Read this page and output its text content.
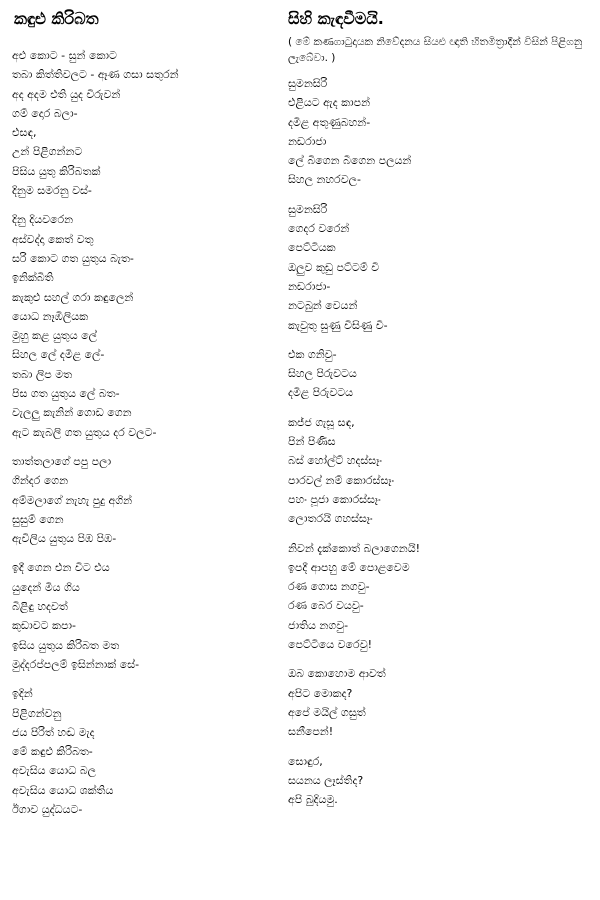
කඳුළු කිරිබත
අළු කොට - සුන් කොට
තබා කිත්තිවලට - ඈණ ගසා සතුරන්
අද අදම එති යුද විරුවන්
ගම් දොර බලා-
එසඳ,
උන් පිළිගන්නට
පිසිය යුතු කිරිබතක්
දිනුම සමරනු වස්-
දිනු දියවරෙන
අස්වද්දා කෙත් වතු
සරි කොට ගත යුතුය බැත-
ඉනික්බිති
කැකුළු සහල් ගරා කඳුලෙන්
යොධ නෑඹිලියක
මුහු කළ යුතුය ලේ
සිහල ලේ දමිළ ලේ-
තබා ලිප මත
පිස ගත යුතුය ලේ බත-
වැලලු කැනින් ගොඩ ගෙන
ඇට කැබලි ගත යුතුය දර වලට-
තාත්තලාගේ පපු පලා
ගින්දර ගෙන
අම්මලාගේ නැහැ පුදු අගින්
සුසුම් ගෙන
ඇවිලිය යුතුය පිඹ පිඹ-
ඉදී ගෙන එන විට එය
යුදෙන් මිය ගිය
බිළිඳු හදවත්
කුඩාවට කපා-
ඉසිය යුතුය කිරිබත මත
මුද්දරප්පලම් ඉසින්නාක් සේ-
ඉදින්
පිළිගන්වනු
ජය පිරිත් හඬ මැද
මේ කඳුළු කිරිබත-
අවැසිය යොධ බල
අවැසිය යොධ ශක්තිය
ඊගාව යුද්ධයට-
සිහි කැඳවීමයි.
( මේ කණගාටුදායක නිවේදනය සියළු ඥාති හිතමිත්‍රාදීන් විසින් පිළිගනු ලැබේවා. )
සුමනසිරි
එළියට ඇද කාපන්
දමිළ අතුණුබහන්-
නඩරාජා
ලේ බීගෙන බීගෙන පලයන්
සිහල නහරවල-
සුමනසිරි
ගෙදර වරෙන්
පෙට්ටියක
ඔලුව කුඩු පට්ටම් වී
නඩරාජා-
නටබුන් වෙයන්
කැවුතු සුණු විසිණු වී-
එක ගනිවු-
සිහල පිරුවටය
දමිළ පිරුවටය
කජ්ජ ගැසූ සඳ,
පින් පිණිස
බස් හෝල්ට් හදස්සෑං
පාරවල් නම් කොරස්සෑං
පහං පූජා කොරස්සෑං
ලොතරයි ගහස්සෑං
නිවන් දැක්කොත් බලාගෙනයි!
ඉපදී ආපහු මේ පොළවෙම
රණ ගොස නගවු-
රණ බෙර වයවු-
ජාතිය නගවු-
පෙට්ටියෙ වරෙවු!
ඔබ කොහොම ආවත්
අපිට මොකද?
අපේ මයිල් ගසුත්
සනීපෙන්!
සොඳුර,
සයනය ලෑස්තිද?
අපි බුදියමු.
